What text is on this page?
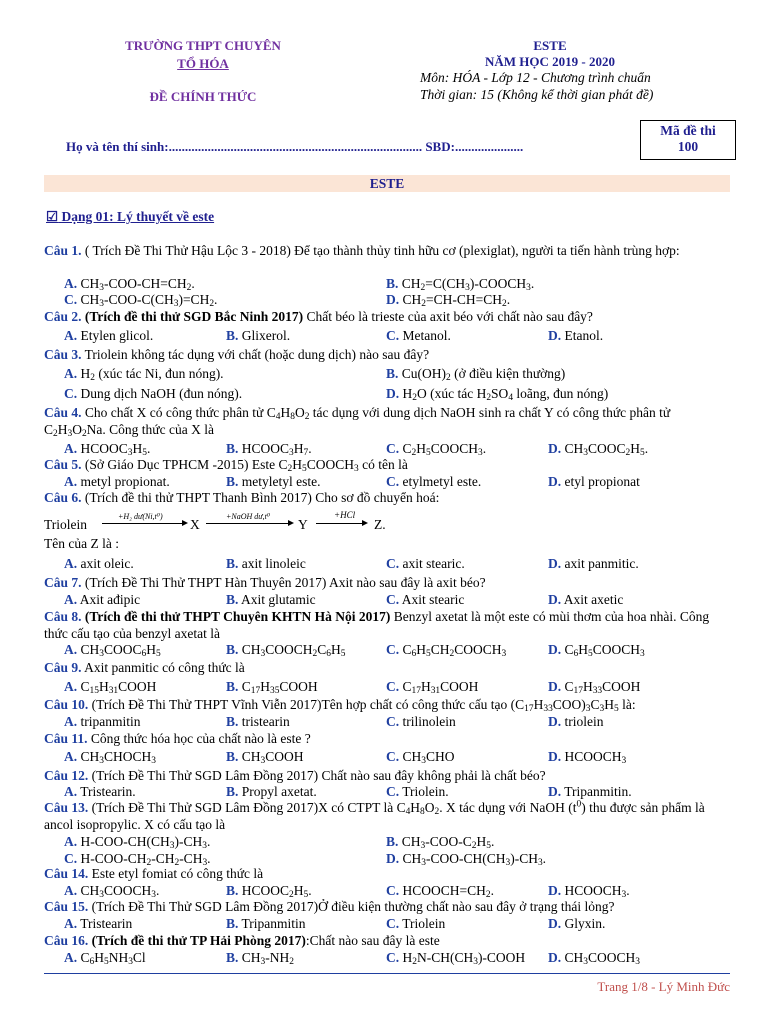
TRƯỜNG THPT CHUYÊN
TỔ HÓA
ĐỀ CHÍNH THỨC
ESTE
NĂM HỌC 2019 - 2020
Môn: HÓA - Lớp 12 - Chương trình chuẩn
Thời gian: 15 (Không kể thời gian phát đề)
Họ và tên thí sinh:.............................................................................. SBD:.....................
Mã đề thi
100
ESTE
☑ Dạng 01: Lý thuyết về este
Câu 1. ( Trích Đề Thi Thử Hậu Lộc 3 - 2018) Để tạo thành thủy tinh hữu cơ (plexiglat), người ta tiến hành trùng hợp:
A. $CH_3-COO-CH=CH_2$.	B. $CH_2=C(CH_3)-COOCH_3$.
C. $CH_3-COO-C(CH_3)=CH_2$.	D. $CH_2=CH-CH=CH_2$.
Câu 2. (Trích đề thi thử SGD Bắc Ninh 2017) Chất béo là trieste của axit béo với chất nào sau đây?
A. Etylen glicol.	B. Glixerol.	C. Metanol.	D. Etanol.
Câu 3. Triolein không tác dụng với chất (hoặc dung dịch) nào sau đây?
A. $H_2$ (xúc tác Ni, đun nóng).	B. $Cu(OH)_2$ (ở điều kiện thường)
C. Dung dịch NaOH (đun nóng).	D. $H_2O$ (xúc tác $H_2SO_4$ loãng, đun nóng)
Câu 4. Cho chất X có công thức phân tử $C_4H_8O_2$ tác dụng với dung dịch NaOH sinh ra chất Y có công thức phân tử $C_2H_3O_2Na$. Công thức của X là
A. $HCOOC_3H_5$.	B. $HCOOC_3H_7$.	C. $C_2H_5COOCH_3$.	D. $CH_3COOC_2H_5$.
Câu 5. (Sở Giáo Dục TPHCM -2015) Este $C_2H_5COOCH_3$ có tên là
A. metyl propionat.	B. metyletyl este.	C. etylmetyl este.	D. etyl propionat
Câu 6. (Trích đề thi thử THPT Thanh Bình 2017) Cho sơ đồ chuyển hoá:
Triolein
+H₂ dư(Ni,t⁰)
X
+NaOH dư,t⁰
Y
+HCl
Z.
Tên của Z là :
A. axit oleic.	B. axit linoleic	C. axit stearic.	D. axit panmitic.
Câu 7. (Trích Đề Thi Thử THPT Hàn Thuyên 2017) Axit nào sau đây là axit béo?
A. Axit ađipic	B. Axit glutamic	C. Axit stearic	D. Axit axetic
Câu 8. (Trích đề thi thử THPT Chuyên KHTN Hà Nội 2017) Benzyl axetat là một este có mùi thơm của hoa nhài. Công thức cấu tạo của benzyl axetat là
A. $CH_3COOC_6H_5$	B. $CH_3COOCH_2C_6H_5$	C. $C_6H_5CH_2COOCH_3$	D. $C_6H_5COOCH_3$
Câu 9. Axit panmitic có công thức là
A. $C_{15}H_{31}COOH$	B. $C_{17}H_{35}COOH$	C. $C_{17}H_{31}COOH$	D. $C_{17}H_{33}COOH$
Câu 10. (Trích Đề Thi Thử THPT Vĩnh Viễn 2017)Tên hợp chất có công thức cấu tạo $(C_{17}H_{33}COO)_3C_3H_5$ là:
A. tripanmitin	B. tristearin	C. trilinolein	D. triolein
Câu 11. Công thức hóa học của chất nào là este ?
A. $CH_3CHOCH_3$	B. $CH_3COOH$	C. $CH_3CHO$	D. $HCOOCH_3$
Câu 12. (Trích Đề Thi Thử SGD Lâm Đồng 2017) Chất nào sau đây không phải là chất béo?
A. Tristearin.	B. Propyl axetat.	C. Triolein.	D. Tripanmitin.
Câu 13. (Trích Đề Thi Thử SGD Lâm Đồng 2017)X có CTPT là $C_4H_8O_2$. X tác dụng với NaOH $(t^0)$ thu được sản phẩm là ancol isopropylic. X có cấu tạo là
A. $H-COO-CH(CH_3)-CH_3$.	B. $CH_3-COO-C_2H_5$.
C. $H-COO-CH_2-CH_2-CH_3$.	D. $CH_3-COO-CH(CH_3)-CH_3$.
Câu 14. Este etyl fomiat có công thức là
A. $CH_3COOCH_3$.	B. $HCOOC_2H_5$.	C. $HCOOCH=CH_2$.	D. $HCOOCH_3$.
Câu 15. (Trích Đề Thi Thử SGD Lâm Đồng 2017)Ở điều kiện thường chất nào sau đây ở trạng thái lỏng?
A. Tristearin	B. Tripanmitin	C. Triolein	D. Glyxin.
Câu 16. (Trích đề thi thử TP Hải Phòng 2017):Chất nào sau đây là este
A. $C_6H_5NH_3Cl$	B. $CH_3-NH_2$	C. $H_2N-CH(CH_3)$-COOH D. $CH_3COOCH_3$
Trang 1/8 - Lý Minh Đức
